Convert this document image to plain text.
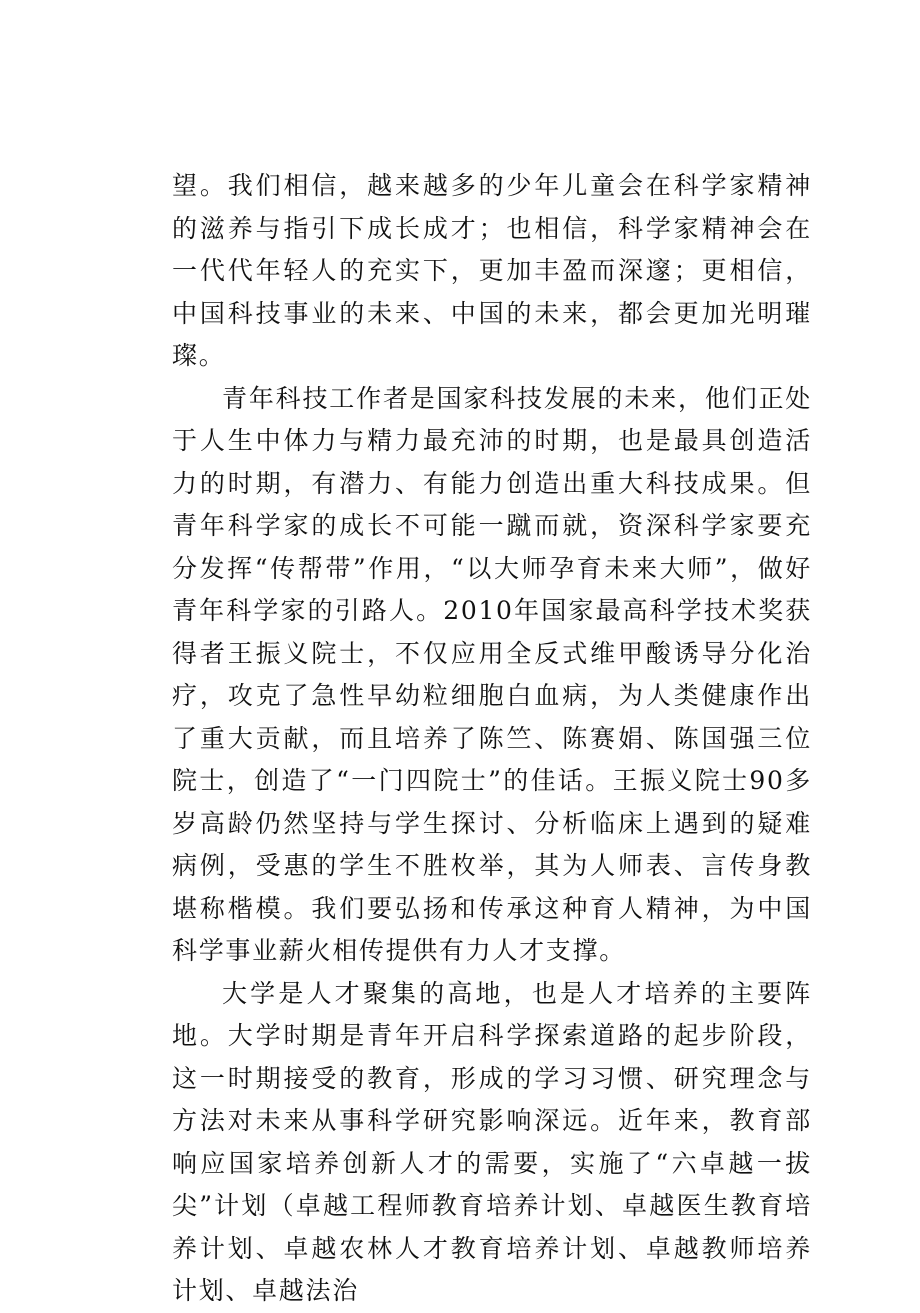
望。我们相信，越来越多的少年儿童会在科学家精神的滋养与指引下成长成才；也相信，科学家精神会在一代代年轻人的充实下，更加丰盈而深邃；更相信，中国科技事业的未来、中国的未来，都会更加光明璀璨。

青年科技工作者是国家科技发展的未来，他们正处于人生中体力与精力最充沛的时期，也是最具创造活力的时期，有潜力、有能力创造出重大科技成果。但青年科学家的成长不可能一蹴而就，资深科学家要充分发挥“传帮带”作用，“以大师孕育未来大师”，做好青年科学家的引路人。2010年国家最高科学技术奖获得者王振义院士，不仅应用全反式维甲酸诱导分化治疗，攻克了急性早幼粒细胞白血病，为人类健康作出了重大贡献，而且培养了陈竺、陈赛娟、陈国强三位院士，创造了“一门四院士”的佳话。王振义院士90多岁高龄仍然坚持与学生探讨、分析临床上遇到的疑难病例，受惠的学生不胜枚举，其为人师表、言传身教堪称楷模。我们要弘扬和传承这种育人精神，为中国科学事业薪火相传提供有力人才支撑。

大学是人才聚集的高地，也是人才培养的主要阵地。大学时期是青年开启科学探索道路的起步阶段，这一时期接受的教育，形成的学习习惯、研究理念与方法对未来从事科学研究影响深远。近年来，教育部响应国家培养创新人才的需要，实施了“六卓越一拔尖”计划（卓越工程师教育培养计划、卓越医生教育培养计划、卓越农林人才教育培养计划、卓越教师培养计划、卓越法治
